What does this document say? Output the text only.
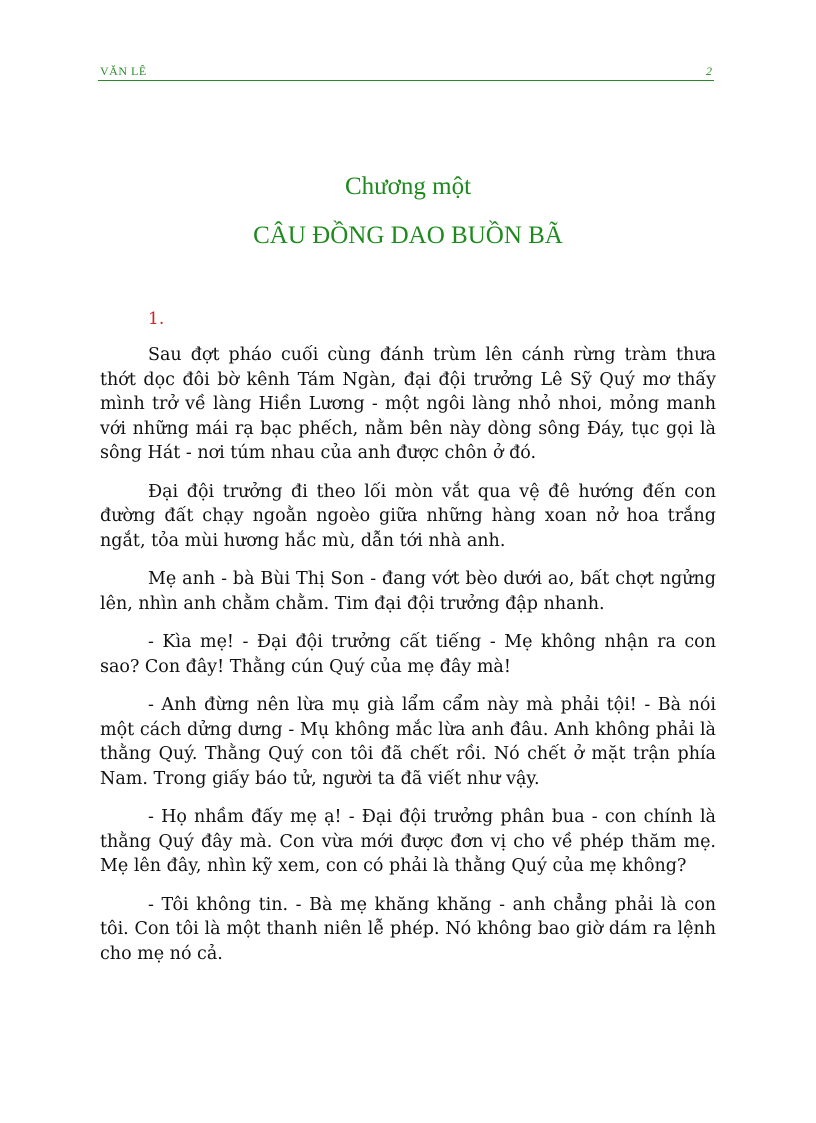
VĂN LÊ	2
Chương một
CÂU ĐỒNG DAO BUỒN BÃ
1.

Sau đợt pháo cuối cùng đánh trùm lên cánh rừng tràm thưa thớt dọc đôi bờ kênh Tám Ngàn, đại đội trưởng Lê Sỹ Quý mơ thấy mình trở về làng Hiền Lương - một ngôi làng nhỏ nhoi, mỏng manh với những mái rạ bạc phếch, nằm bên này dòng sông Đáy, tục gọi là sông Hát - nơi túm nhau của anh được chôn ở đó.

Đại đội trưởng đi theo lối mòn vắt qua vệ đê hướng đến con đường đất chạy ngoằn ngoèo giữa những hàng xoan nở hoa trắng ngắt, tỏa mùi hương hắc mù, dẫn tới nhà anh.

Mẹ anh - bà Bùi Thị Son - đang vớt bèo dưới ao, bất chợt ngửng lên, nhìn anh chằm chằm. Tim đại đội trưởng đập nhanh.

- Kìa mẹ! - Đại đội trưởng cất tiếng - Mẹ không nhận ra con sao? Con đây! Thằng cún Quý của mẹ đây mà!

- Anh đừng nên lừa mụ già lẩm cẩm này mà phải tội! - Bà nói một cách dửng dưng - Mụ không mắc lừa anh đâu. Anh không phải là thằng Quý. Thằng Quý con tôi đã chết rồi. Nó chết ở mặt trận phía Nam. Trong giấy báo tử, người ta đã viết như vậy.

- Họ nhầm đấy mẹ ạ! - Đại đội trưởng phân bua - con chính là thằng Quý đây mà. Con vừa mới được đơn vị cho về phép thăm mẹ. Mẹ lên đây, nhìn kỹ xem, con có phải là thằng Quý của mẹ không?

- Tôi không tin. - Bà mẹ khăng khăng - anh chẳng phải là con tôi. Con tôi là một thanh niên lễ phép. Nó không bao giờ dám ra lệnh cho mẹ nó cả.
